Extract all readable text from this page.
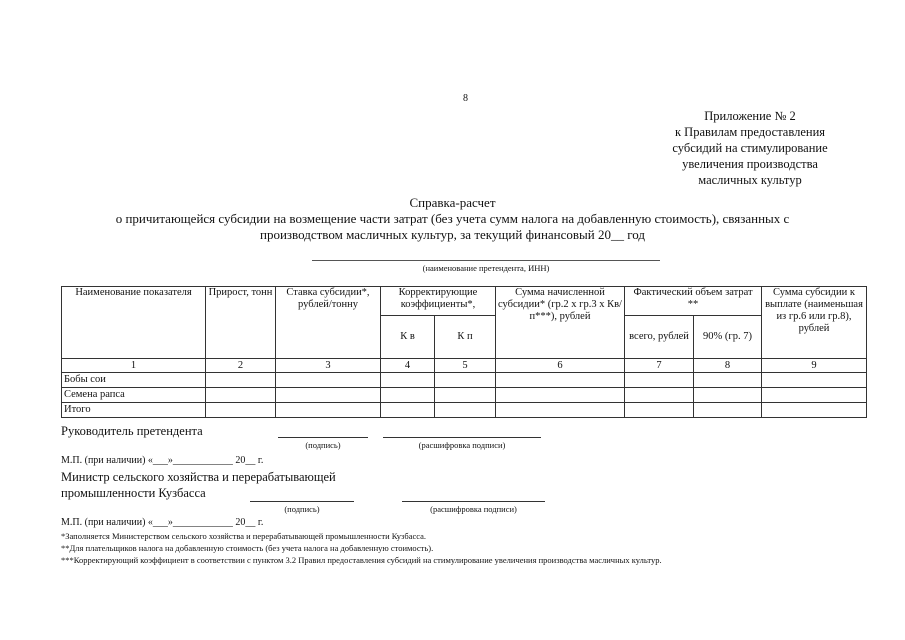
8
Приложение № 2
к Правилам предоставления
субсидий на стимулирование
увеличения производства
масличных культур
Справка-расчет
о причитающейся субсидии на возмещение части затрат (без учета сумм налога на добавленную стоимость), связанных с
производством масличных культур, за текущий финансовый 20__ год
(наименование претендента, ИНН)
Наименование показателя	Прирост, тонн	Ставка субсидии*, рублей/тонну	Корректирующие коэффициенты*,		Сумма начисленной субсидии* (гр.2 х гр.3 х Кв/п***), рублей	Фактический объем затрат **		Сумма субсидии к выплате (наименьшая из гр.6 или гр.8), рублей
			К в	К п		всего, рублей	90% (гр. 7)	
1	2	3	4	5	6	7	8	9
Бобы сои								
Семена рапса								
Итого								
Руководитель претендента
(подпись)	(расшифровка подписи)
М.П. (при наличии) «___»____________ 20__ г.
Министр сельского хозяйства и перерабатывающей
промышленности Кузбасса
(подпись)	(расшифровка подписи)
М.П. (при наличии) «___»____________ 20__ г.
*Заполняется Министерством сельского хозяйства и перерабатывающей промышленности Кузбасса.
**Для плательщиков налога на добавленную стоимость (без учета налога на добавленную стоимость).
***Корректирующий коэффициент в соответствии с пунктом 3.2 Правил предоставления субсидий на стимулирование увеличения производства масличных культур.
